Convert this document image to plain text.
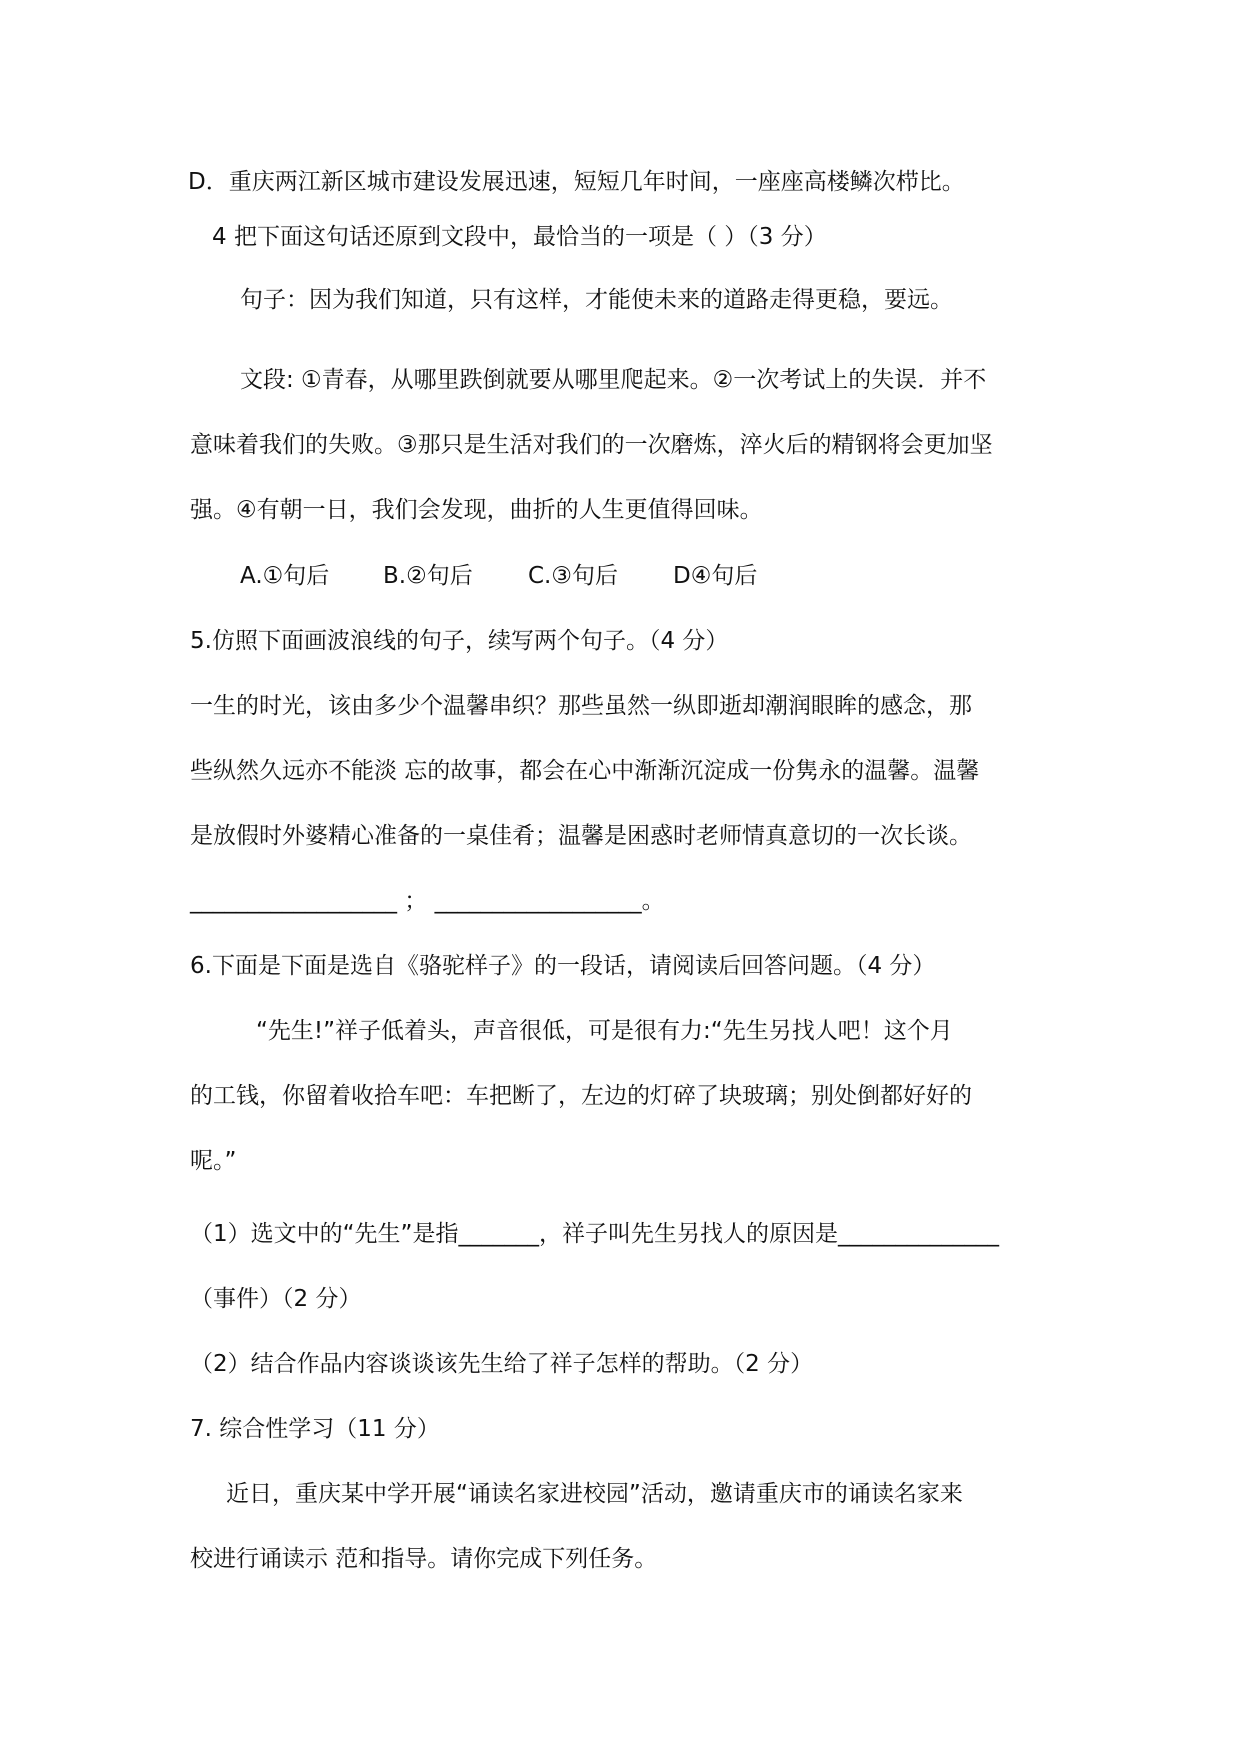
D．重庆两江新区城市建设发展迅速，短短几年时间，一座座高楼鳞次栉比。
4 把下面这句话还原到文段中，最恰当的一项是（ ）（3 分）
句子：因为我们知道，只有这样，才能使未来的道路走得更稳，要远。
文段: ①青春，从哪里跌倒就要从哪里爬起来。②一次考试上的失误．并不
意味着我们的失败。③那只是生活对我们的一次磨炼，淬火后的精钢将会更加坚
强。④有朝一日，我们会发现，曲折的人生更值得回味。
A.①句后 B.②句后 C.③句后 D④句后
5.仿照下面画波浪线的句子，续写两个句子。（4 分）
一生的时光，该由多少个温馨串织？那些虽然一纵即逝却潮润眼眸的感念，那
些纵然久远亦不能淡 忘的故事，都会在心中渐渐沉淀成一份隽永的温馨。温馨
是放假时外婆精心准备的一桌佳肴；温馨是困惑时老师情真意切的一次长谈。
__________________ ； __________________。
6.下面是下面是选自《骆驼样子》的一段话，请阅读后回答问题。（4 分）
“先生!”祥子低着头，声音很低，可是很有力:“先生另找人吧！这个月
的工钱，你留着收拾车吧：车把断了，左边的灯碎了块玻璃；别处倒都好好的
呢。”
（1）选文中的“先生”是指_______，祥子叫先生另找人的原因是______________
（事件）（2 分）
（2）结合作品内容谈谈该先生给了祥子怎样的帮助。（2 分）
7. 综合性学习（11 分）
近日，重庆某中学开展“诵读名家进校园”活动，邀请重庆市的诵读名家来
校进行诵读示 范和指导。请你完成下列任务。
